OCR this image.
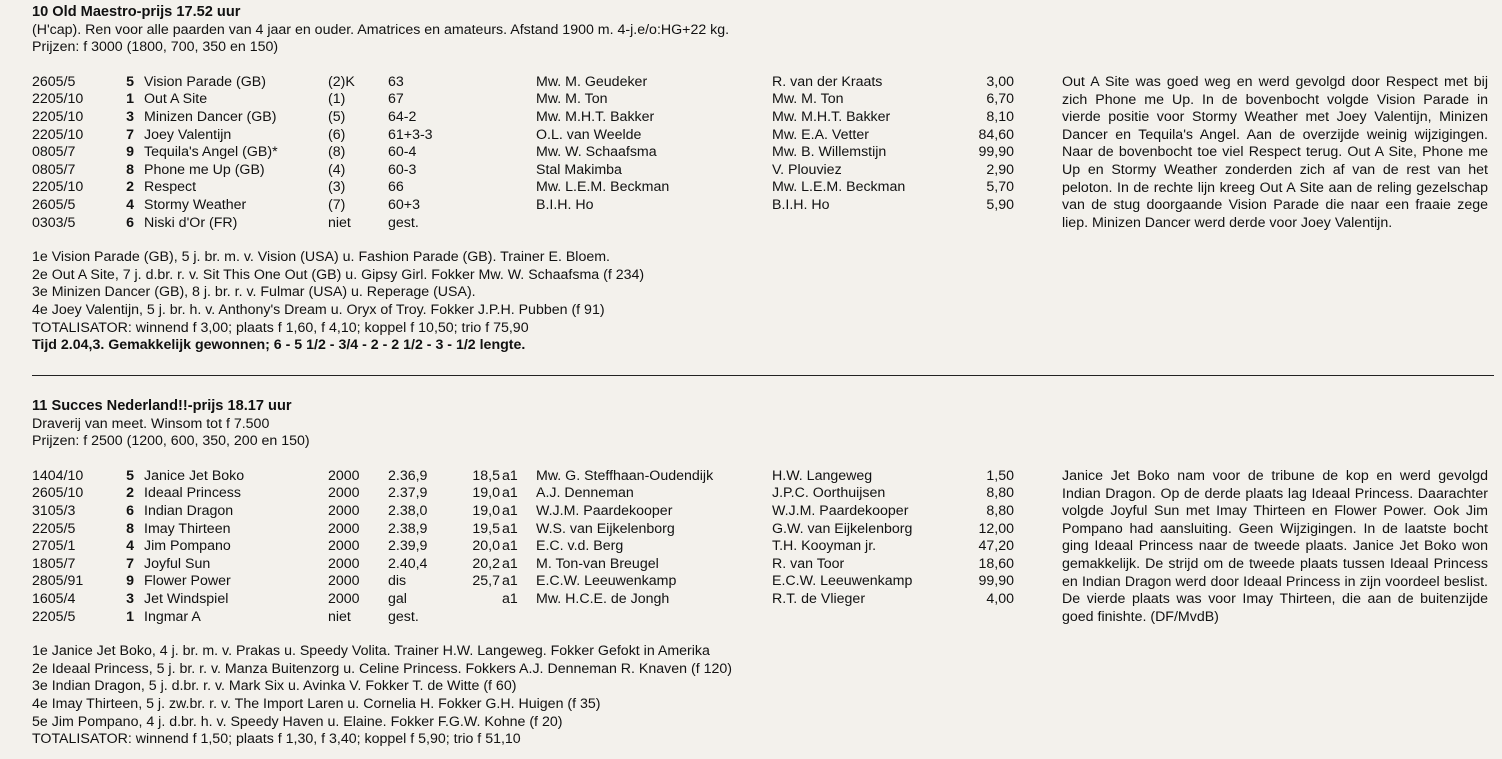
10 Old Maestro-prijs 17.52 uur
(H'cap). Ren voor alle paarden van 4 jaar en ouder. Amatrices en amateurs. Afstand 1900 m. 4-j.e/o:HG+22 kg.
Prijzen: f 3000 (1800, 700, 350 en 150)
2605/5	5 Vision Parade (GB)	(2)K 63	Mw. M. Geudeker	R. van der Kraats	3,00
2205/10	1 Out A Site	(1)	67	Mw. M. Ton	Mw. M. Ton	6,70
2205/10	3 Minizen Dancer (GB)	(5)	64-2	Mw. M.H.T. Bakker	Mw. M.H.T. Bakker	8,10
2205/10	7 Joey Valentijn	(6)	61+3-3	O.L. van Weelde	Mw. E.A. Vetter	84,60
0805/7	9 Tequila's Angel (GB)*	(8)	60-4	Mw. W. Schaafsma	Mw. B. Willemstijn	99,90
0805/7	8 Phone me Up (GB)	(4)	60-3	Stal Makimba	V. Plouviez	2,90
2205/10	2 Respect	(3)	66	Mw. L.E.M. Beckman	Mw. L.E.M. Beckman	5,70
2605/5	4 Stormy Weather	(7)	60+3	B.I.H. Ho	B.I.H. Ho	5,90
0303/5	6 Niski d'Or (FR)	niet	gest.
Out A Site was goed weg en werd gevolgd door Respect met bij zich Phone me Up. In de bovenbocht volgde Vision Parade in vierde positie voor Stormy Weather met Joey Valentijn, Minizen Dancer en Tequila's Angel. Aan de overzijde weinig wijzigingen. Naar de bovenbocht toe viel Respect terug. Out A Site, Phone me Up en Stormy Weather zonderden zich af van de rest van het peloton. In de rechte lijn kreeg Out A Site aan de reling gezelschap van de stug doorgaande Vision Parade die naar een fraaie zege liep. Minizen Dancer werd derde voor Joey Valentijn.
1e Vision Parade (GB), 5 j. br. m. v. Vision (USA) u. Fashion Parade (GB). Trainer E. Bloem.
2e Out A Site, 7 j. d.br. r. v. Sit This One Out (GB) u. Gipsy Girl. Fokker Mw. W. Schaafsma (f 234)
3e Minizen Dancer (GB), 8 j. br. r. v. Fulmar (USA) u. Reperage (USA).
4e Joey Valentijn, 5 j. br. h. v. Anthony's Dream u. Oryx of Troy. Fokker J.P.H. Pubben (f 91)
TOTALISATOR: winnend f 3,00; plaats f 1,60, f 4,10; koppel f 10,50; trio f 75,90
Tijd 2.04,3. Gemakkelijk gewonnen; 6 - 5 1/2 - 3/4 - 2 - 2 1/2 - 3 - 1/2 lengte.
11 Succes Nederland!!-prijs 18.17 uur
Draverij van meet. Winsom tot f 7.500
Prijzen: f 2500 (1200, 600, 350, 200 en 150)
1404/10	5 Janice Jet Boko	2000 2.36,9	18,5 a1 Mw. G. Steffhaan-Oudendijk	H.W. Langeweg	1,50
2605/10	2 Ideaal Princess	2000 2.37,9	19,0 a1 A.J. Denneman	J.P.C. Oorthuijsen	8,80
3105/3	6 Indian Dragon	2000 2.38,0	19,0 a1 W.J.M. Paardekooper	W.J.M. Paardekooper	8,80
2205/5	8 Imay Thirteen	2000 2.38,9	19,5 a1 W.S. van Eijkelenborg	G.W. van Eijkelenborg	12,00
2705/1	4 Jim Pompano	2000 2.39,9	20,0 a1 E.C. v.d. Berg	T.H. Kooyman jr.	47,20
1805/7	7 Joyful Sun	2000 2.40,4	20,2 a1 M. Ton-van Breugel	R. van Toor	18,60
2805/91	9 Flower Power	2000 dis	25,7 a1 E.C.W. Leeuwenkamp	E.C.W. Leeuwenkamp	99,90
1605/4	3 Jet Windspiel	2000 gal	a1 Mw. H.C.E. de Jongh	R.T. de Vlieger	4,00
2205/5	1 Ingmar A	niet	gest.
Janice Jet Boko nam voor de tribune de kop en werd gevolgd Indian Dragon. Op de derde plaats lag Ideaal Princess. Daarachter volgde Joyful Sun met Imay Thirteen en Flower Power. Ook Jim Pompano had aansluiting. Geen Wijzigingen. In de laatste bocht ging Ideaal Princess naar de tweede plaats. Janice Jet Boko won gemakkelijk. De strijd om de tweede plaats tussen Ideaal Princess en Indian Dragon werd door Ideaal Princess in zijn voordeel beslist. De vierde plaats was voor Imay Thirteen, die aan de buitenzijde goed finishte. (DF/MvdB)
1e Janice Jet Boko, 4 j. br. m. v. Prakas u. Speedy Volita. Trainer H.W. Langeweg. Fokker Gefokt in Amerika
2e Ideaal Princess, 5 j. br. r. v. Manza Buitenzorg u. Celine Princess. Fokkers A.J. Denneman R. Knaven (f 120)
3e Indian Dragon, 5 j. d.br. r. v. Mark Six u. Avinka V. Fokker T. de Witte (f 60)
4e Imay Thirteen, 5 j. zw.br. r. v. The Import Laren u. Cornelia H. Fokker G.H. Huigen (f 35)
5e Jim Pompano, 4 j. d.br. h. v. Speedy Haven u. Elaine. Fokker F.G.W. Kohne (f 20)
TOTALISATOR: winnend f 1,50; plaats f 1,30, f 3,40; koppel f 5,90; trio f 51,10
